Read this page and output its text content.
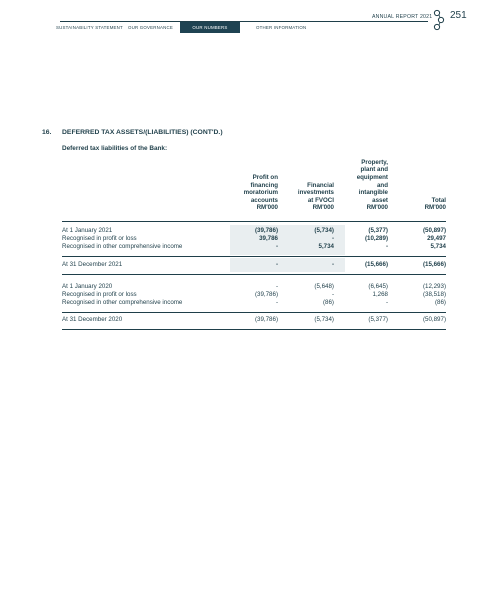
SUSTAINABILITY STATEMENT OUR GOVERNANCE	OUR NUMBERS	OTHER INFORMATION
ANNUAL REPORT 2021 251
16. DEFERRED TAX ASSETS/(LIABILITIES) (CONT'D.)
Deferred tax liabilities of the Bank:
Profit on
financing
moratorium
accounts
RM'000
Financial
investments
at FVOCI
RM'000
Property,
plant and
equipment
and
intangible
asset
RM'000
Total
RM'000
At 1 January 2021	(39,786)	(5,734)	(5,377)	(50,897)
Recognised in profit or loss	39,786	-	(10,289)	29,497
Recognised in other comprehensive income	-	5,734	-	5,734
At 31 December 2021	-	-	(15,666)	(15,666)
At 1 January 2020	-	(5,648)	(6,645)	(12,293)
Recognised in profit or loss	(39,786)	-	1,268	(38,518)
Recognised in other comprehensive income	-	(86)	-	(86)
At 31 December 2020	(39,786)	(5,734)	(5,377)	(50,897)
